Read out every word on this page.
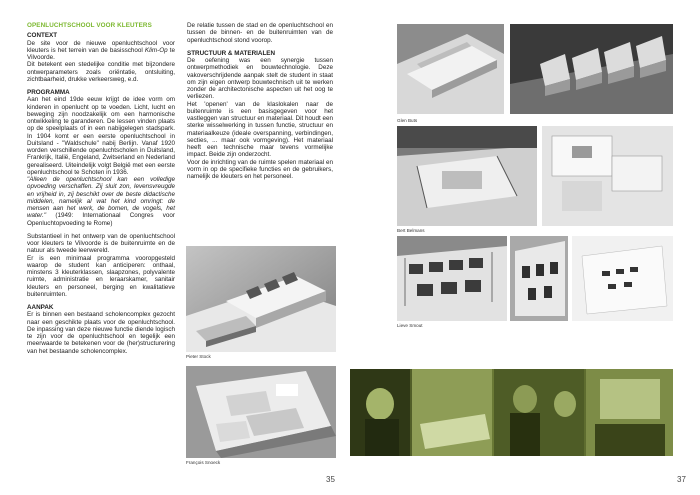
OPENLUCHTSCHOOL VOOR KLEUTERS

CONTEXT

De site voor de nieuwe openluchtschool voor kleuters is het terrein van de basisschool Klim-Op te Vilvoorde.

Dit betekent een stedelijke conditie met bijzondere ontwerparameters zoals oriëntatie, ontsluiting, zichtbaarheid, drukke verkeersweg, e.d.

PROGRAMMA

Aan het eind 19de eeuw krijgt de idee vorm om kinderen in openlucht op te voeden. Licht, lucht en beweging zijn noodzakelijk om een harmonische ontwikkeling te garanderen. De lessen vinden plaats op de speelplaats of in een nabijgelegen stadspark. In 1904 komt er een eerste openluchtschool in Duitsland - "Waldschule" nabij Berlijn. Vanaf 1920 worden verschillende openluchtscholen in Duitsland, Frankrijk, Italië, Engeland, Zwitserland en Nederland gerealiseerd. Uiteindelijk volgt België met een eerste openluchtschool te Schoten in 1936.

"Alleen de openluchtschool kan een volledige opvoeding verschaffen. Zij sluit zon, levensvreugde en vrijheid in, zij beschikt over de beste didactische middelen, namelijk al wat het kind omringt: de mensen aan het werk, de bomen, de vogels, het water." (1949: Internationaal Congres voor Openluchtopvoeding te Rome)

Substantieel in het ontwerp van de openluchtschool voor kleuters te Vilvoorde is de buitenruimte en de natuur als tweede leerwereld.

Er is een minimaal programma vooropgesteld waarop de student kan anticiperen: onthaal, minstens 3 kleuterklassen, slaapzones, polyvalente ruimte, administratie en leraarskamer, sanitair kleuters en personeel, berging en kwalitatieve buitenruimten.

AANPAK

Er is binnen een bestaand scholencomplex gezocht naar een geschikte plaats voor de openluchtschool. De inpassing van deze nieuwe functie diende logisch te zijn voor de openluchtschool en tegelijk een meerwaarde te betekenen voor de (her)structurering van het bestaande scholencomplex.

De relatie tussen de stad en de openluchtschool en tussen de binnen- en de buitenruimten van de openluchtschool stond voorop.

STRUCTUUR & MATERIALEN

De oefening was een synergie tussen ontwerpmethodiek en bouwtechnologie. Deze vakoverschrijdende aanpak stelt de student in staat om zijn eigen ontwerp bouwtechnisch uit te werken zonder de architectonische aspecten uit het oog te verliezen.

Het 'openen' van de klaslokalen naar de buitenruimte is een basisgegeven voor het vastleggen van structuur en materiaal. Dit houdt een sterke wisselwerking in tussen functie, structuur en materiaalkeuze (ideale overspanning, verbindingen, secties, ... maar ook vormgeving). Het materiaal heeft een technische maar tevens vormelijke impact. Beide zijn onderzocht.

Voor de inrichting van de ruimte spelen materiaal en vorm in op de specifieke functies en de gebruikers, namelijk de kleuters en het personeel.

Pieter Stock
François Snoeck
35
Glen Buts
Bert Belmans
Lieve Smout
37
